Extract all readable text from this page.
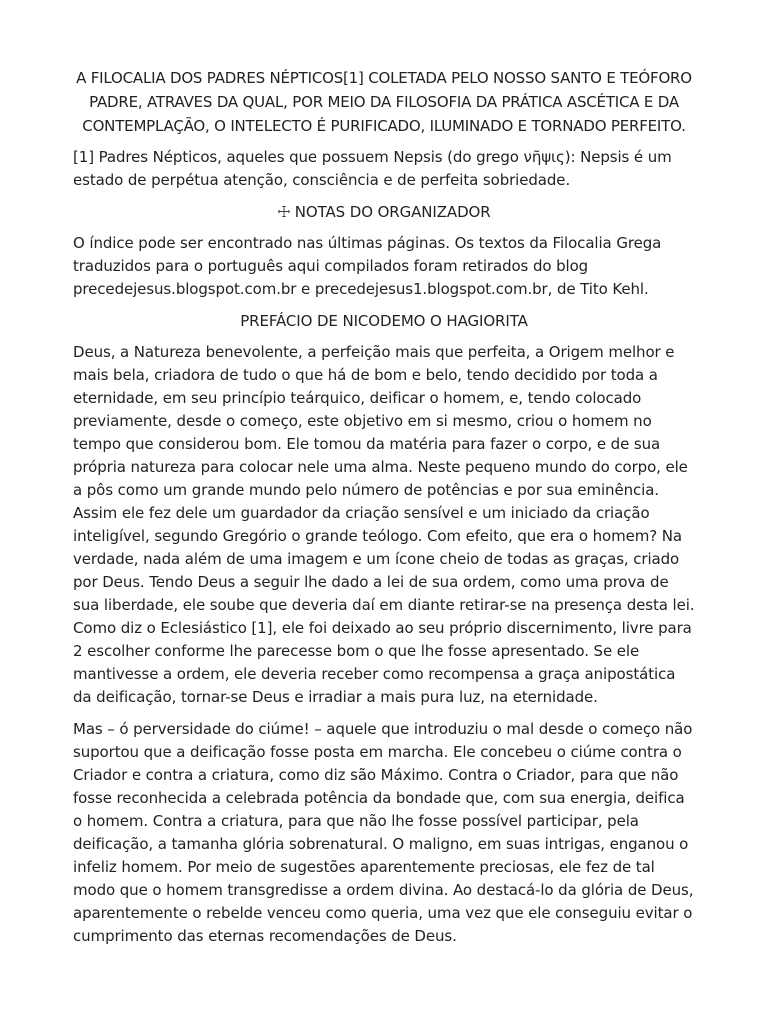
A FILOCALIA DOS PADRES NÉPTICOS[1] COLETADA PELO NOSSO SANTO E TEÓFORO PADRE, ATRAVES DA QUAL, POR MEIO DA FILOSOFIA DA PRÁTICA ASCÉTICA E DA CONTEMPLAÇÃO, O INTELECTO É PURIFICADO, ILUMINADO E TORNADO PERFEITO.

[1] Padres Népticos, aqueles que possuem Nepsis (do grego νῆψις): Nepsis é um estado de perpétua atenção, consciência e de perfeita sobriedade.

☩ NOTAS DO ORGANIZADOR

O índice pode ser encontrado nas últimas páginas. Os textos da Filocalia Grega traduzidos para o português aqui compilados foram retirados do blog precedejesus.blogspot.com.br e precedejesus1.blogspot.com.br, de Tito Kehl.

PREFÁCIO DE NICODEMO O HAGIORITA

Deus, a Natureza benevolente, a perfeição mais que perfeita, a Origem melhor e mais bela, criadora de tudo o que há de bom e belo, tendo decidido por toda a eternidade, em seu princípio teárquico, deificar o homem, e, tendo colocado previamente, desde o começo, este objetivo em si mesmo, criou o homem no tempo que considerou bom. Ele tomou da matéria para fazer o corpo, e de sua própria natureza para colocar nele uma alma. Neste pequeno mundo do corpo, ele a pôs como um grande mundo pelo número de potências e por sua eminência. Assim ele fez dele um guardador da criação sensível e um iniciado da criação inteligível, segundo Gregório o grande teólogo. Com efeito, que era o homem? Na verdade, nada além de uma imagem e um ícone cheio de todas as graças, criado por Deus. Tendo Deus a seguir lhe dado a lei de sua ordem, como uma prova de sua liberdade, ele soube que deveria daí em diante retirar-se na presença desta lei. Como diz o Eclesiástico [1], ele foi deixado ao seu próprio discernimento, livre para 2 escolher conforme lhe parecesse bom o que lhe fosse apresentado. Se ele mantivesse a ordem, ele deveria receber como recompensa a graça anipostática da deificação, tornar-se Deus e irradiar a mais pura luz, na eternidade.

Mas – ó perversidade do ciúme! – aquele que introduziu o mal desde o começo não suportou que a deificação fosse posta em marcha. Ele concebeu o ciúme contra o Criador e contra a criatura, como diz são Máximo. Contra o Criador, para que não fosse reconhecida a celebrada potência da bondade que, com sua energia, deifica o homem. Contra a criatura, para que não lhe fosse possível participar, pela deificação, a tamanha glória sobrenatural. O maligno, em suas intrigas, enganou o infeliz homem. Por meio de sugestões aparentemente preciosas, ele fez de tal modo que o homem transgredisse a ordem divina. Ao destacá-lo da glória de Deus, aparentemente o rebelde venceu como queria, uma vez que ele conseguiu evitar o cumprimento das eternas recomendações de Deus.
